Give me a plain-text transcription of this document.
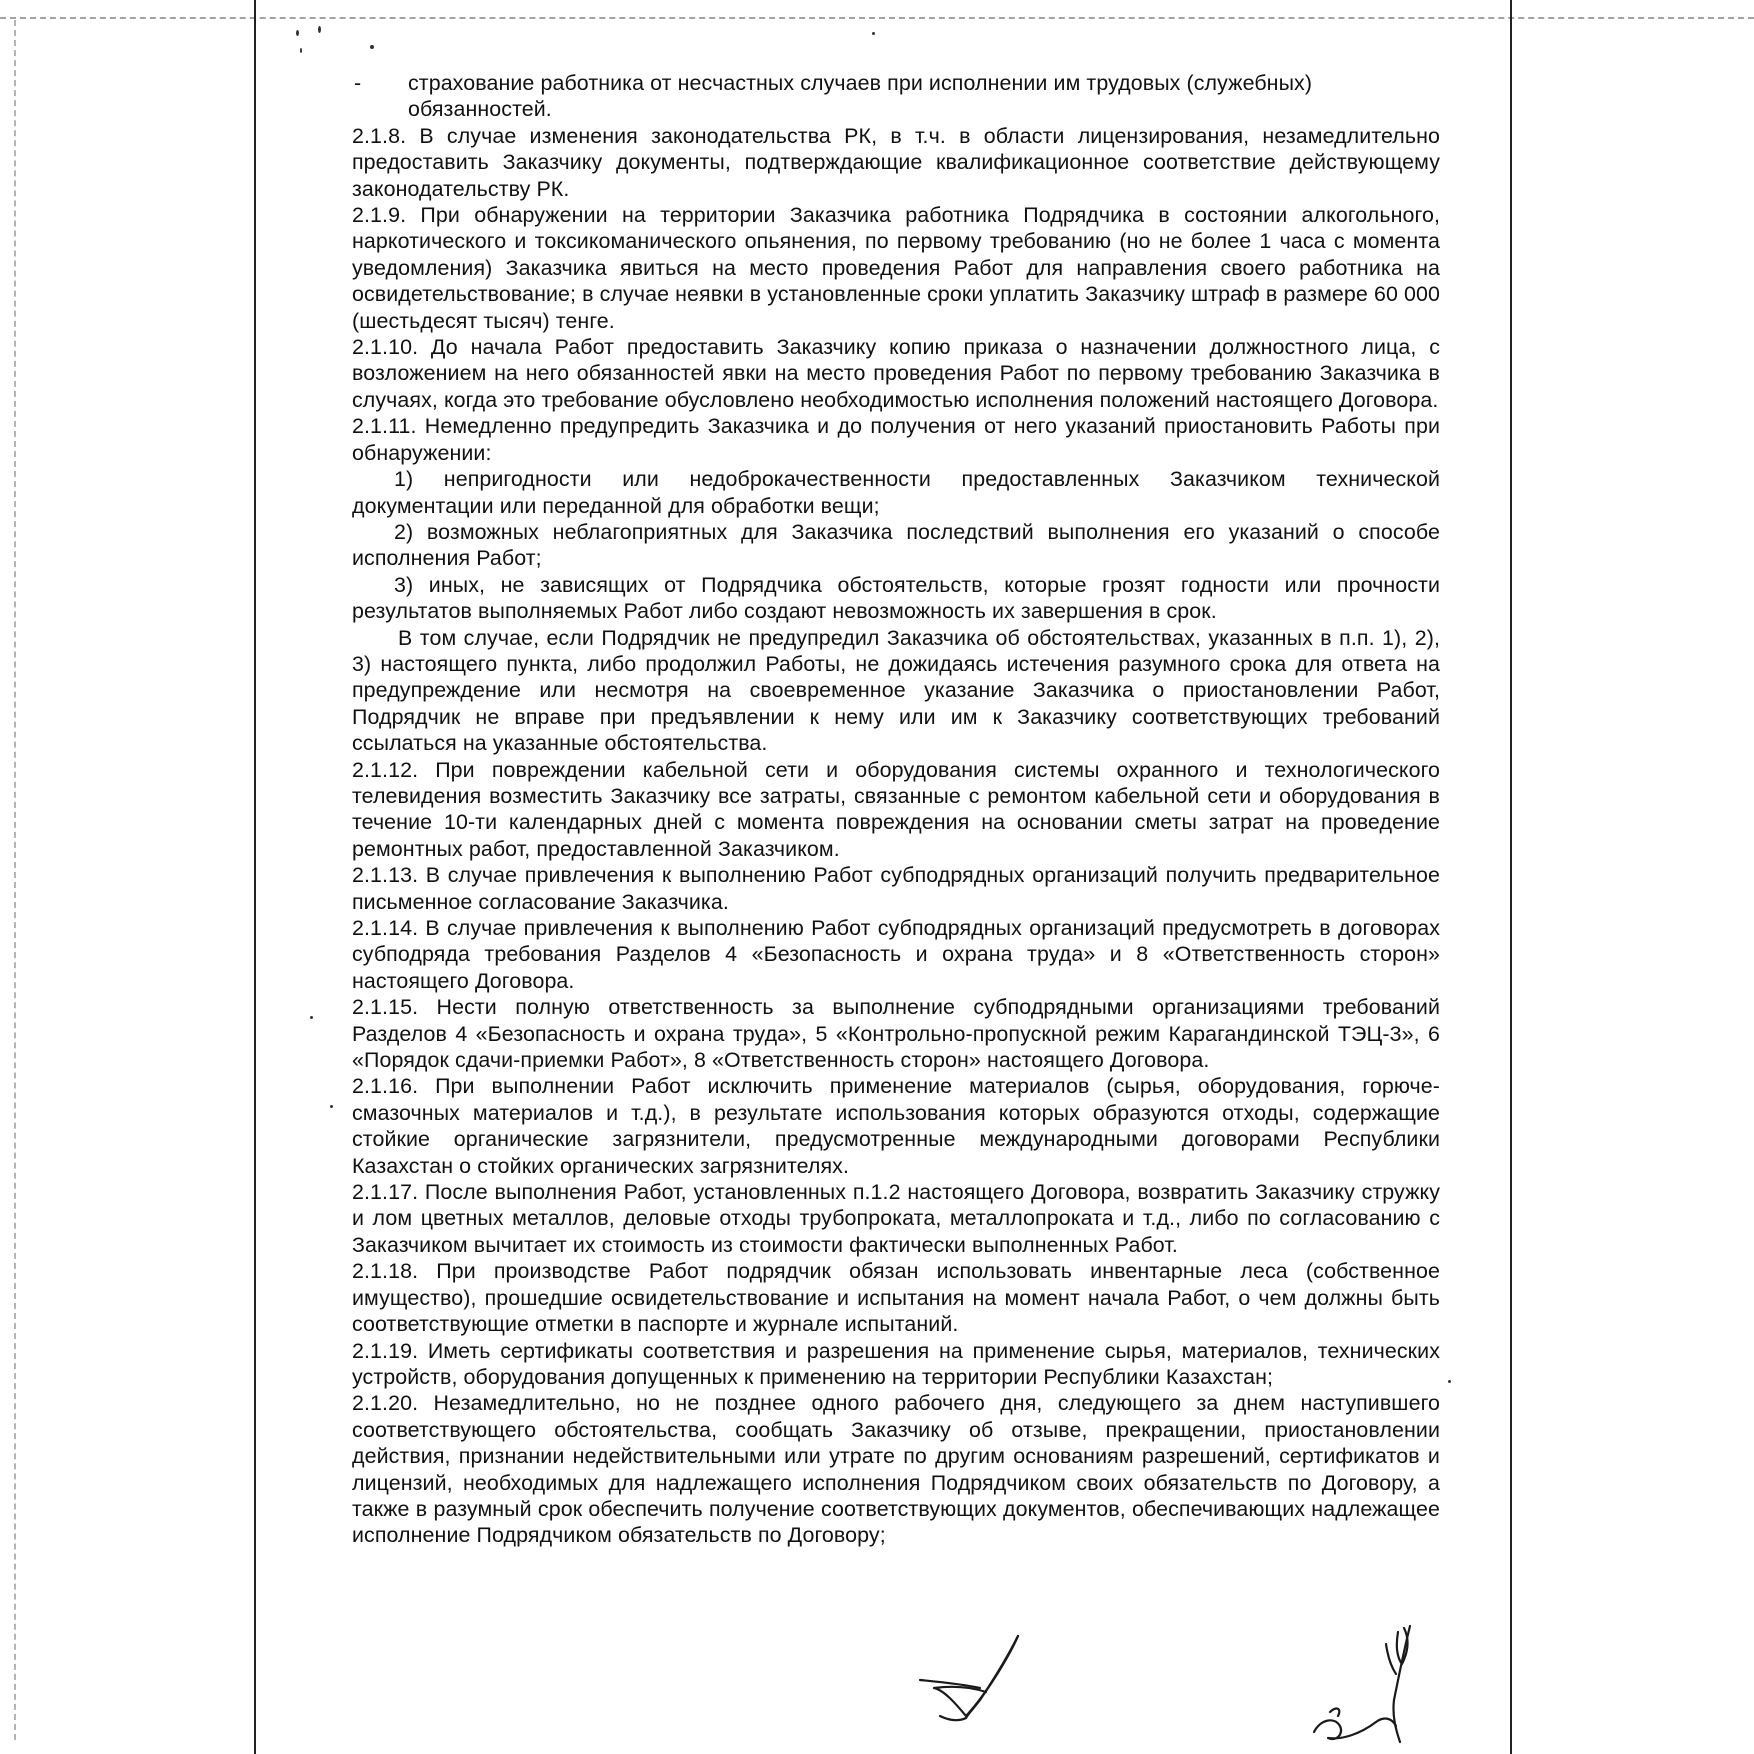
-	страхование работника от несчастных случаев при исполнении им трудовых (служебных) обязанностей.

2.1.8. В случае изменения законодательства РК, в т.ч. в области лицензирования, незамедлительно предоставить Заказчику документы, подтверждающие квалификационное соответствие действующему законодательству РК.

2.1.9. При обнаружении на территории Заказчика работника Подрядчика в состоянии алкогольного, наркотического и токсикоманического опьянения, по первому требованию (но не более 1 часа с момента уведомления) Заказчика явиться на место проведения Работ для направления своего работника на освидетельствование; в случае неявки в установленные сроки уплатить Заказчику штраф в размере 60 000 (шестьдесят тысяч) тенге.

2.1.10. До начала Работ предоставить Заказчику копию приказа о назначении должностного лица, с возложением на него обязанностей явки на место проведения Работ по первому требованию Заказчика в случаях, когда это требование обусловлено необходимостью исполнения положений настоящего Договора.

2.1.11. Немедленно предупредить Заказчика и до получения от него указаний приостановить Работы при обнаружении:

1) непригодности или недоброкачественности предоставленных Заказчиком технической документации или переданной для обработки вещи;

2) возможных неблагоприятных для Заказчика последствий выполнения его указаний о способе исполнения Работ;

3) иных, не зависящих от Подрядчика обстоятельств, которые грозят годности или прочности результатов выполняемых Работ либо создают невозможность их завершения в срок.

В том случае, если Подрядчик не предупредил Заказчика об обстоятельствах, указанных в п.п. 1), 2), 3) настоящего пункта, либо продолжил Работы, не дожидаясь истечения разумного срока для ответа на предупреждение или несмотря на своевременное указание Заказчика о приостановлении Работ, Подрядчик не вправе при предъявлении к нему или им к Заказчику соответствующих требований ссылаться на указанные обстоятельства.

2.1.12. При повреждении кабельной сети и оборудования системы охранного и технологического телевидения возместить Заказчику все затраты, связанные с ремонтом кабельной сети и оборудования в течение 10-ти календарных дней с момента повреждения на основании сметы затрат на проведение ремонтных работ, предоставленной Заказчиком.

2.1.13. В случае привлечения к выполнению Работ субподрядных организаций получить предварительное письменное согласование Заказчика.

2.1.14. В случае привлечения к выполнению Работ субподрядных организаций предусмотреть в договорах субподряда требования Разделов 4 «Безопасность и охрана труда» и 8 «Ответственность сторон» настоящего Договора.

2.1.15. Нести полную ответственность за выполнение субподрядными организациями требований Разделов 4 «Безопасность и охрана труда», 5 «Контрольно-пропускной режим Карагандинской ТЭЦ-3», 6 «Порядок сдачи-приемки Работ», 8 «Ответственность сторон» настоящего Договора.

2.1.16. При выполнении Работ исключить применение материалов (сырья, оборудования, горюче-смазочных материалов и т.д.), в результате использования которых образуются отходы, содержащие стойкие органические загрязнители, предусмотренные международными договорами Республики Казахстан о стойких органических загрязнителях.

2.1.17. После выполнения Работ, установленных п.1.2 настоящего Договора, возвратить Заказчику стружку и лом цветных металлов, деловые отходы трубопроката, металлопроката и т.д., либо по согласованию с Заказчиком вычитает их стоимость из стоимости фактически выполненных Работ.

2.1.18. При производстве Работ подрядчик обязан использовать инвентарные леса (собственное имущество), прошедшие освидетельствование и испытания на момент начала Работ, о чем должны быть соответствующие отметки в паспорте и журнале испытаний.

2.1.19. Иметь сертификаты соответствия и разрешения на применение сырья, материалов, технических устройств, оборудования допущенных к применению на территории Республики Казахстан;

2.1.20. Незамедлительно, но не позднее одного рабочего дня, следующего за днем наступившего соответствующего обстоятельства, сообщать Заказчику об отзыве, прекращении, приостановлении действия, признании недействительными или утрате по другим основаниям разрешений, сертификатов и лицензий, необходимых для надлежащего исполнения Подрядчиком своих обязательств по Договору, а также в разумный срок обеспечить получение соответствующих документов, обеспечивающих надлежащее исполнение Подрядчиком обязательств по Договору;
